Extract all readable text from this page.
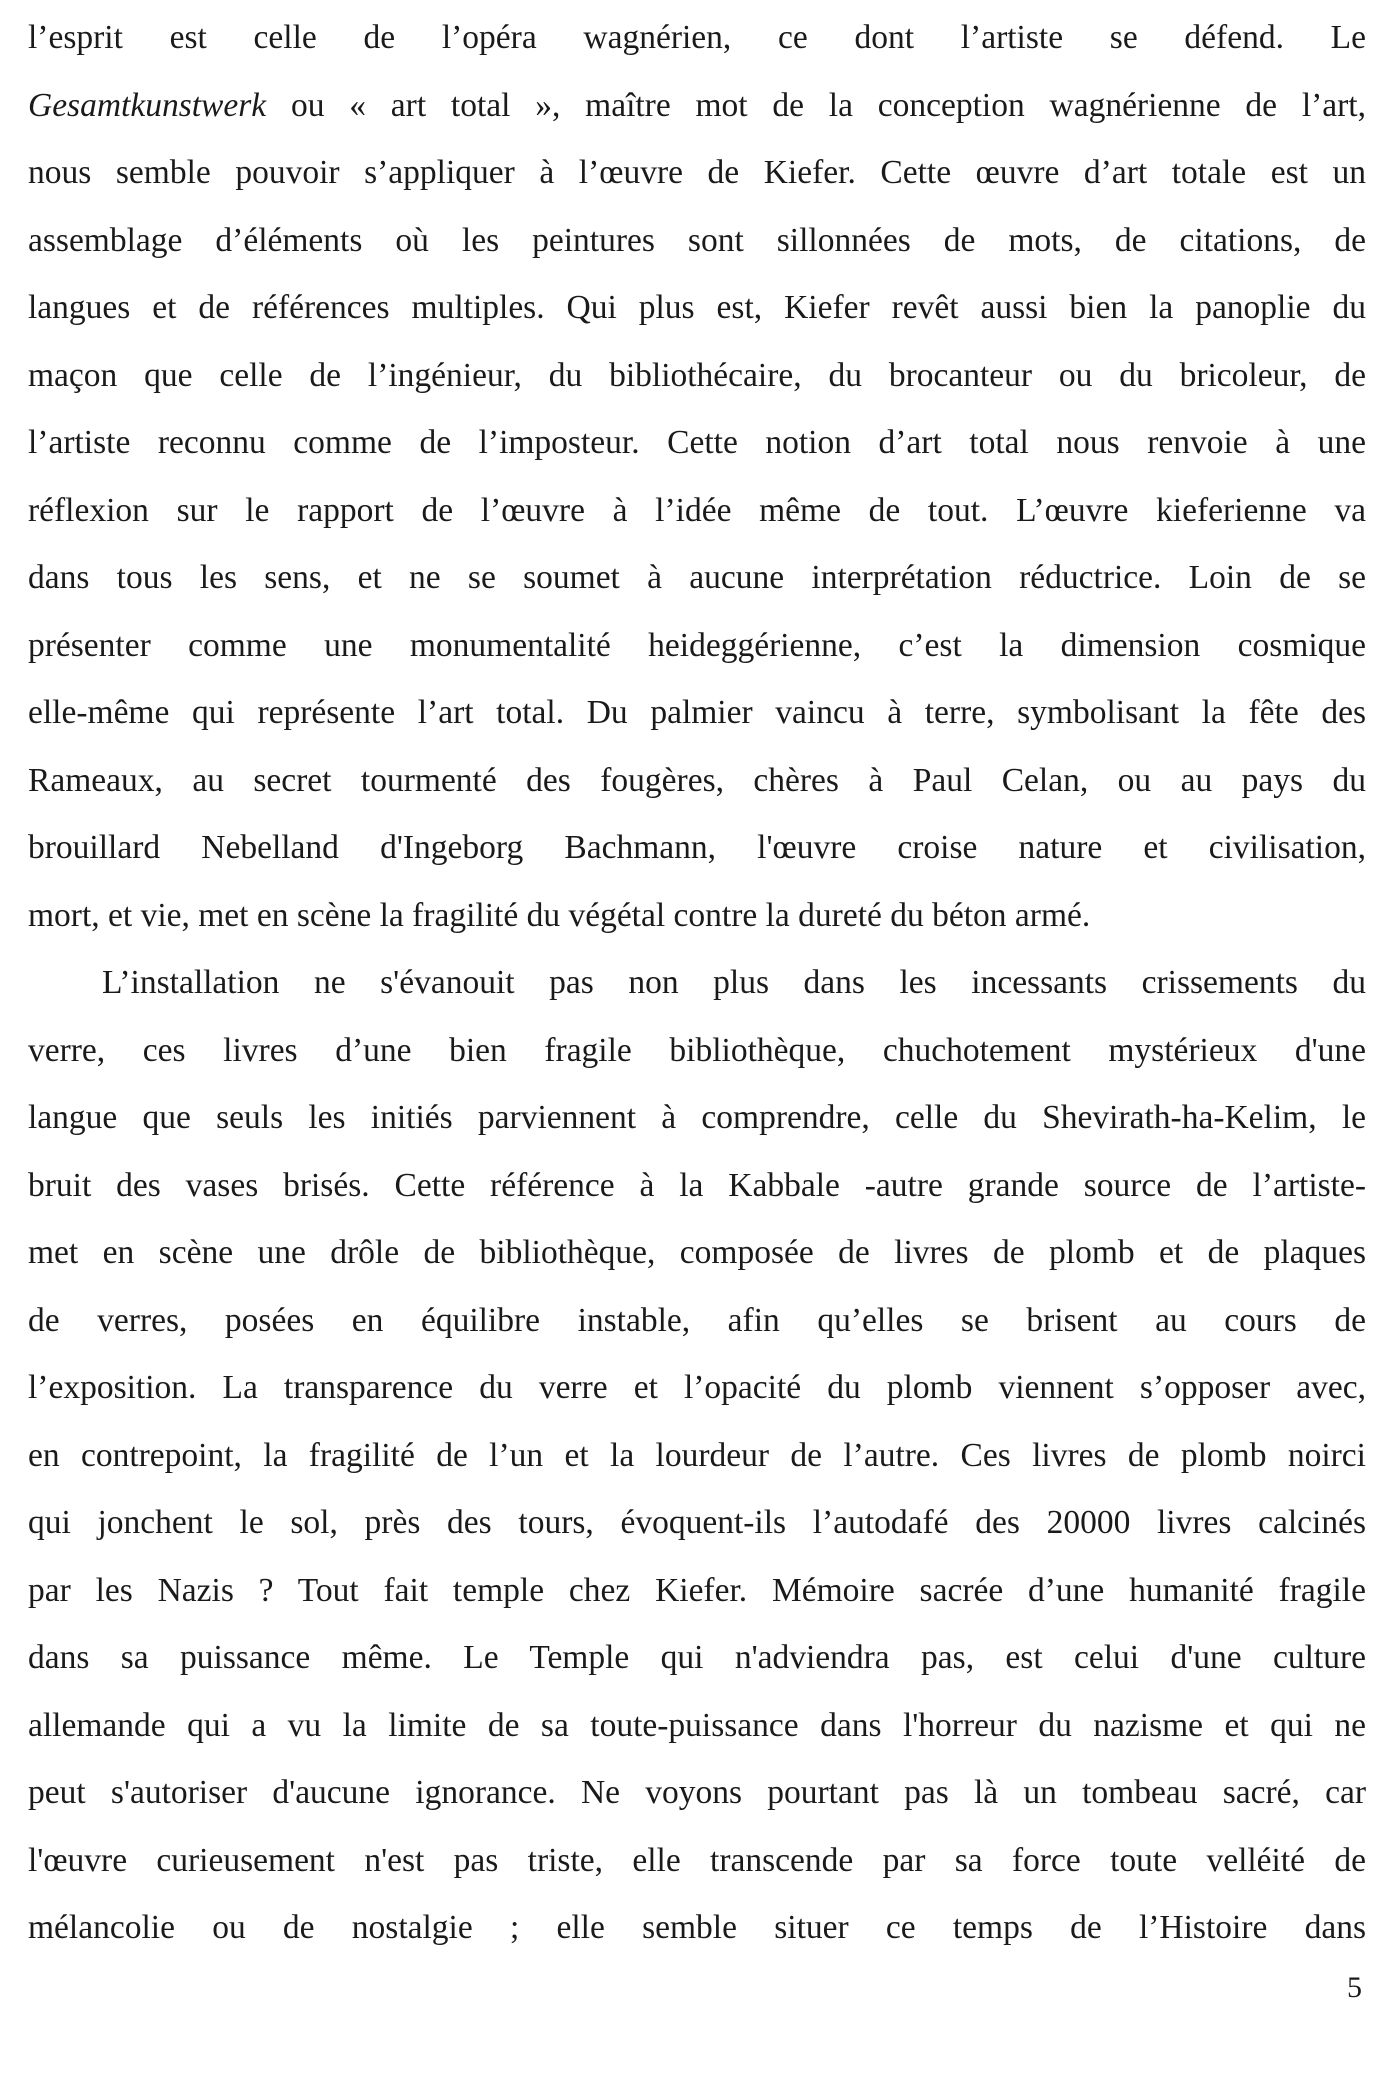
l’esprit est celle de l’opéra wagnérien, ce dont l’artiste se défend. Le
Gesamtkunstwerk ou « art total », maître mot de la conception wagnérienne de l’art,
nous semble pouvoir s’appliquer à l’œuvre de Kiefer. Cette œuvre d’art totale est un
assemblage d’éléments où les peintures sont sillonnées de mots, de citations, de
langues et de références multiples. Qui plus est, Kiefer revêt aussi bien la panoplie du
maçon que celle de l’ingénieur, du bibliothécaire, du brocanteur ou du bricoleur, de
l’artiste reconnu comme de l’imposteur. Cette notion d’art total nous renvoie à une
réflexion sur le rapport de l’œuvre à l’idée même de tout. L’œuvre kieferienne va
dans tous les sens, et ne se soumet à aucune interprétation réductrice. Loin de se
présenter comme une monumentalité heideggérienne, c’est la dimension cosmique
elle-même qui représente l’art total. Du palmier vaincu à terre, symbolisant la fête des
Rameaux, au secret tourmenté des fougères, chères à Paul Celan, ou au pays du
brouillard Nebelland d'Ingeborg Bachmann, l'œuvre croise nature et civilisation,
mort, et vie, met en scène la fragilité du végétal contre la dureté du béton armé.
L’installation ne s'évanouit pas non plus dans les incessants crissements du
verre, ces livres d’une bien fragile bibliothèque, chuchotement mystérieux d'une
langue que seuls les initiés parviennent à comprendre, celle du Shevirath-ha-Kelim, le
bruit des vases brisés. Cette référence à la Kabbale -autre grande source de l’artiste-
met en scène une drôle de bibliothèque, composée de livres de plomb et de plaques
de verres, posées en équilibre instable, afin qu’elles se brisent au cours de
l’exposition. La transparence du verre et l’opacité du plomb viennent s’opposer avec,
en contrepoint, la fragilité de l’un et la lourdeur de l’autre. Ces livres de plomb noirci
qui jonchent le sol, près des tours, évoquent-ils l’autodafé des 20000 livres calcinés
par les Nazis ? Tout fait temple chez Kiefer. Mémoire sacrée d’une humanité fragile
dans sa puissance même. Le Temple qui n'adviendra pas, est celui d'une culture
allemande qui a vu la limite de sa toute-puissance dans l'horreur du nazisme et qui ne
peut s'autoriser d'aucune ignorance. Ne voyons pourtant pas là un tombeau sacré, car
l'œuvre curieusement n'est pas triste, elle transcende par sa force toute velléité de
mélancolie ou de nostalgie ; elle semble situer ce temps de l’Histoire dans
5
